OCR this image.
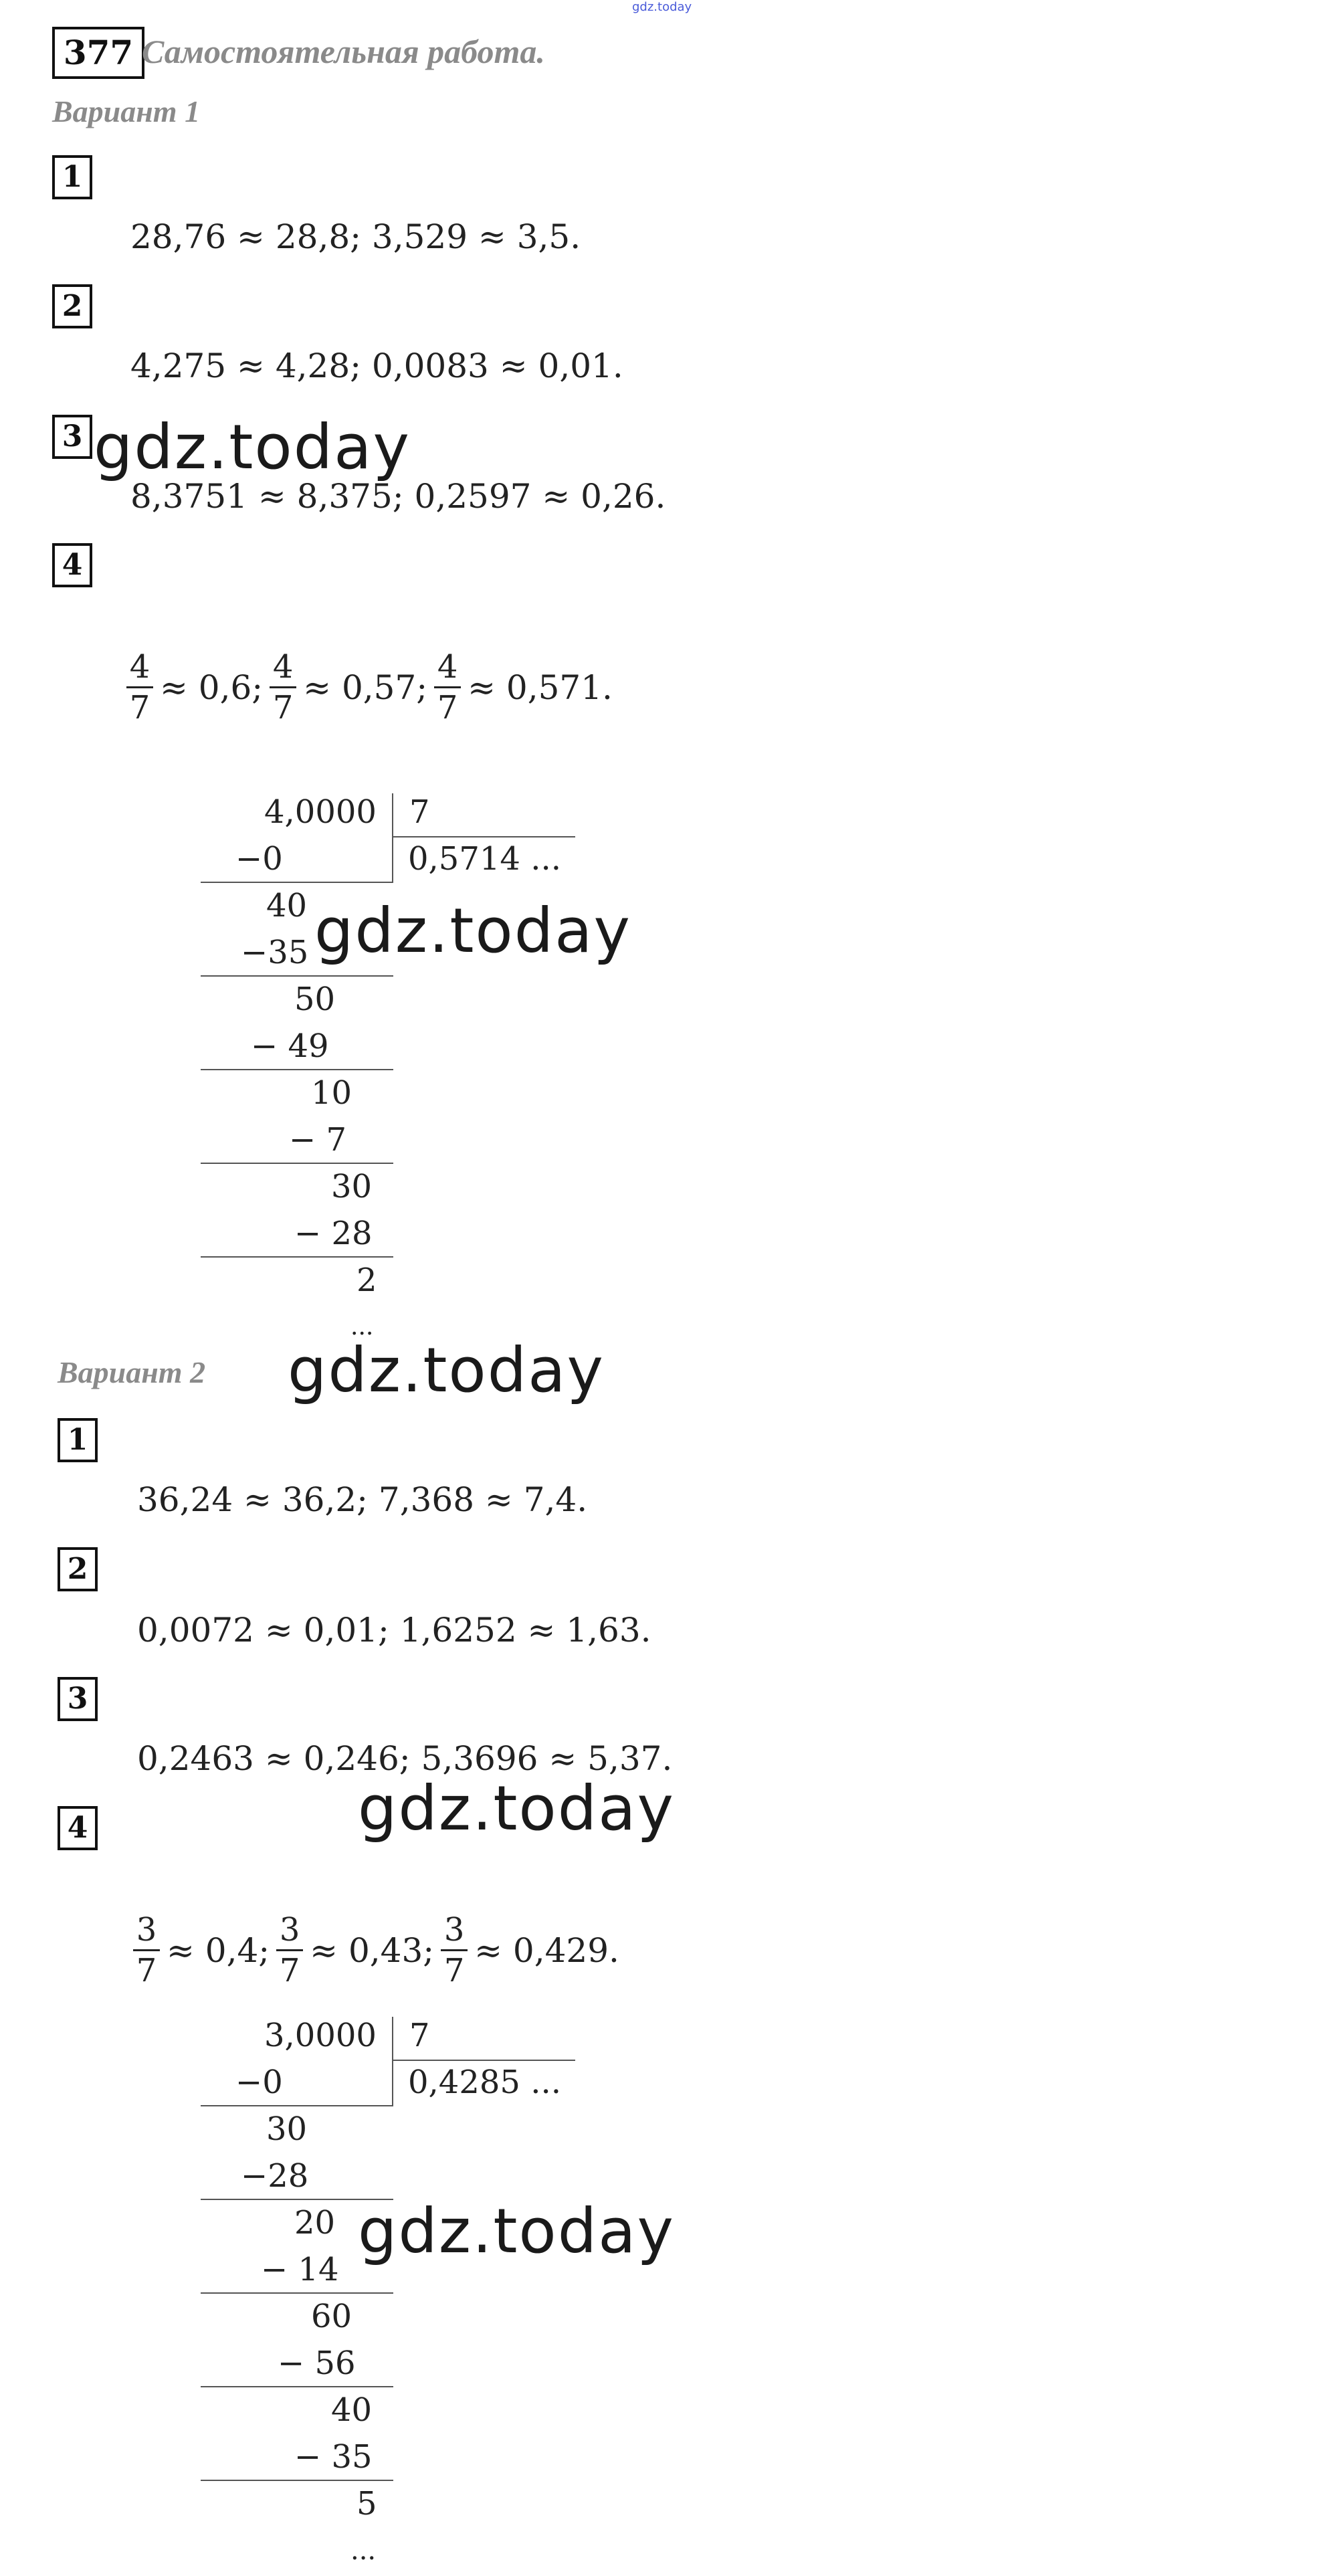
gdz.today
377 Самостоятельная работа.
Вариант 1
1
28,76 ≈ 28,8; 3,529 ≈ 3,5.
2
4,275 ≈ 4,28; 0,0083 ≈ 0,01.
3
8,3751 ≈ 8,375; 0,2597 ≈ 0,26.
4
$\frac{4}{7} \approx 0,6$; $\frac{4}{7} \approx 0,57$; $\frac{4}{7} \approx 0,571$.
4,0000 7
0,5714 ...
−0
40
−35
50
− 49
10
− 7
30
− 28
2
...
Вариант 2
1
36,24 ≈ 36,2; 7,368 ≈ 7,4.
2
0,0072 ≈ 0,01; 1,6252 ≈ 1,63.
3
0,2463 ≈ 0,246; 5,3696 ≈ 5,37.
4
$\frac{3}{7} \approx 0,4$; $\frac{3}{7} \approx 0,43$; $\frac{3}{7} \approx 0,429$.
3,0000 7
0,4285 ...
−0
30
−28
20
− 14
60
− 56
40
− 35
5
...
gdz.today
gdz.today
gdz.today
gdz.today
gdz.today
